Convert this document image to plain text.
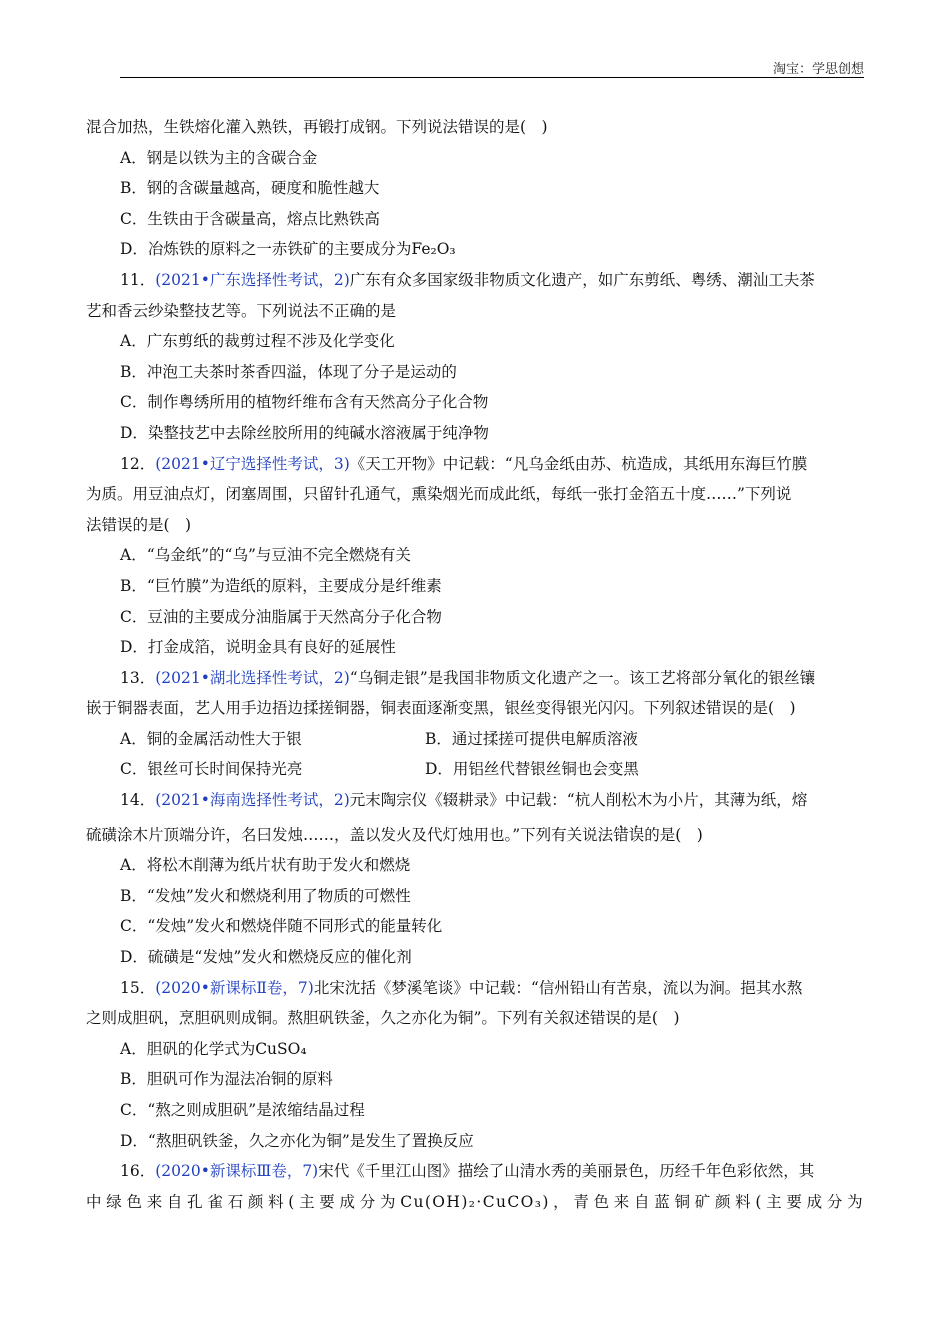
淘宝：学思创想
混合加热，生铁熔化灌入熟铁，再锻打成钢。下列说法错误的是(　)
A．钢是以铁为主的含碳合金
B．钢的含碳量越高，硬度和脆性越大
C．生铁由于含碳量高，熔点比熟铁高
D．冶炼铁的原料之一赤铁矿的主要成分为Fe₂O₃
11．(2021•广东选择性考试，2)广东有众多国家级非物质文化遗产，如广东剪纸、粤绣、潮汕工夫茶
艺和香云纱染整技艺等。下列说法不正确的是
A．广东剪纸的裁剪过程不涉及化学变化
B．冲泡工夫茶时茶香四溢，体现了分子是运动的
C．制作粤绣所用的植物纤维布含有天然高分子化合物
D．染整技艺中去除丝胶所用的纯碱水溶液属于纯净物
12．(2021•辽宁选择性考试，3)《天工开物》中记载：“凡乌金纸由苏、杭造成，其纸用东海巨竹膜
为质。用豆油点灯，闭塞周围，只留针孔通气，熏染烟光而成此纸，每纸一张打金箔五十度……”下列说
法错误的是(　)
A．“乌金纸”的“乌”与豆油不完全燃烧有关
B．“巨竹膜”为造纸的原料，主要成分是纤维素
C．豆油的主要成分油脂属于天然高分子化合物
D．打金成箔，说明金具有良好的延展性
13．(2021•湖北选择性考试，2)“乌铜走银”是我国非物质文化遗产之一。该工艺将部分氧化的银丝镶
嵌于铜器表面，艺人用手边捂边揉搓铜器，铜表面逐渐变黑，银丝变得银光闪闪。下列叙述错误的是(　)
A．铜的金属活动性大于银	B．通过揉搓可提供电解质溶液
C．银丝可长时间保持光亮	D．用铝丝代替银丝铜也会变黑
14．(2021•海南选择性考试，2)元末陶宗仪《辍耕录》中记载：“杭人削松木为小片，其薄为纸，熔
硫磺涂木片顶端分许，名曰发烛……，盖以发火及代灯烛用也。”下列有关说法错误的是(　)
A．将松木削薄为纸片状有助于发火和燃烧
B．“发烛”发火和燃烧利用了物质的可燃性
C．“发烛”发火和燃烧伴随不同形式的能量转化
D．硫磺是“发烛”发火和燃烧反应的催化剂
15．(2020•新课标Ⅱ卷，7)北宋沈括《梦溪笔谈》中记载：“信州铅山有苦泉，流以为涧。挹其水熬
之则成胆矾，烹胆矾则成铜。熬胆矾铁釜，久之亦化为铜”。下列有关叙述错误的是(　)
A．胆矾的化学式为CuSO₄
B．胆矾可作为湿法冶铜的原料
C．“熬之则成胆矾”是浓缩结晶过程
D．“熬胆矾铁釜，久之亦化为铜”是发生了置换反应
16．(2020•新课标Ⅲ卷，7)宋代《千里江山图》描绘了山清水秀的美丽景色，历经千年色彩依然，其
中绿色来自孔雀石颜料(主要成分为Cu(OH)₂·CuCO₃)，青色来自蓝铜矿颜料(主要成分为
